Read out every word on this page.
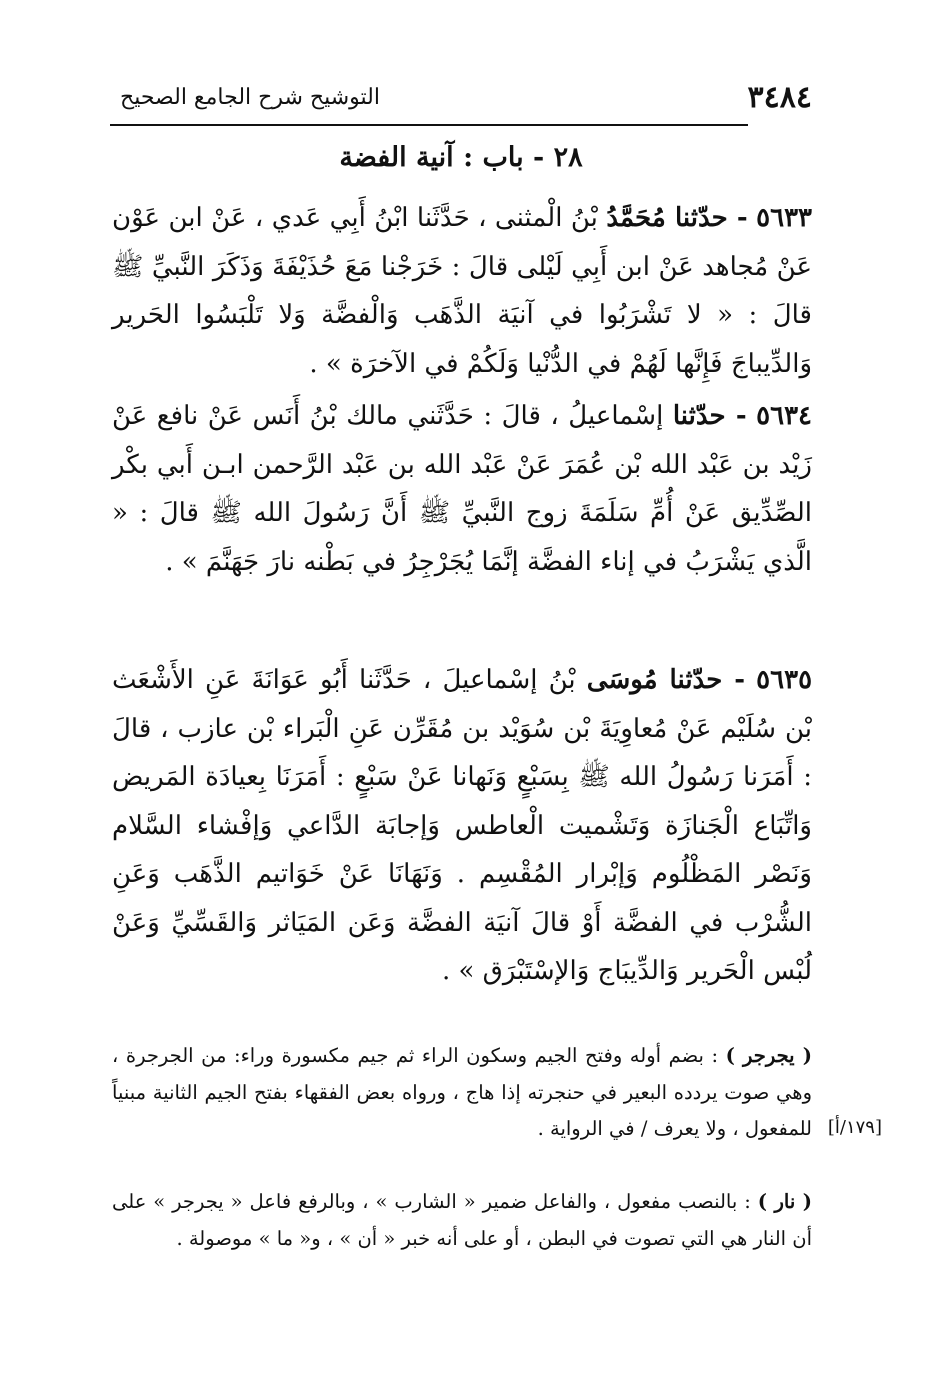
٣٤٨٤
التوشيح شرح الجامع الصحيح
٢٨ - باب : آنية الفضة
٥٦٣٣ - حدّثنا مُحَمَّدُ بْنُ الْمثنى ، حَدَّثَنا ابْنُ أَبِي عَدي ، عَنْ ابن عَوْن عَنْ مُجاهد عَنْ ابن أَبِي لَيْلى قالَ : خَرَجْنا مَعَ حُذَيْفَةَ وَذَكَرَ النَّبيِّ ﷺ قالَ : « لا تَشْرَبُوا في آنيَة الذَّهَب وَالْفضَّة وَلا تَلْبَسُوا الحَرير وَالدِّيباجَ فَإِنَّها لَهُمْ في الدُّنْيا وَلَكُمْ في الآخرَة » .
٥٦٣٤ - حدّثنا إسْماعيلُ ، قالَ : حَدَّثَني مالك بْنُ أَنَس عَنْ نافع عَنْ زَيْد بن عَبْد الله بْن عُمَرَ عَنْ عَبْد الله بن عَبْد الرَّحمن ابـن أَبي بكْر الصِّدِّيق عَنْ أُمِّ سَلَمَةَ زوج النَّبيِّ ﷺ أَنَّ رَسُولَ الله ﷺ قالَ : « الَّذي يَشْرَبُ في إناء الفضَّة إنَّمَا يُجَرْجِرُ في بَطْنه نارَ جَهَنَّمَ » .
٥٦٣٥ - حدّثنا مُوسَى بْنُ إسْماعيلَ ، حَدَّثَنا أَبُو عَوَانَةَ عَنِ الأَشْعَث بْن سُلَيْم عَنْ مُعاوِيَةَ بْن سُوَيْد بن مُقَرِّن عَنِ الْبَراء بْن عازب ، قالَ : أَمَرَنا رَسُولُ الله ﷺ بِسَبْعٍ وَنَهانا عَنْ سَبْعٍ : أَمَرَنَا بِعيادَة المَريض وَاتِّبَاع الْجَنازَة وَتَشْميت الْعاطس وَإجابَة الدَّاعي وَإفْشاء السَّلام وَنَصْر المَظْلُوم وَإبْرار المُقْسِم . وَنَهَانَا عَنْ خَوَاتيم الذَّهَب وَعَنِ الشُّرْب في الفضَّة أَوْ قالَ آنيَة الفضَّة وَعَن المَيَاثر وَالقَسِّيِّ وَعَنْ لُبْس الْحَرير وَالدِّيبَاج وَالإسْتَبْرَق » .
( يجرجر ) : بضم أوله وفتح الجيم وسكون الراء ثم جيم مكسورة وراء: من الجرجرة ، وهي صوت يردده البعير في حنجرته إذا هاج ، ورواه بعض الفقهاء بفتح الجيم الثانية مبنياً للمفعول ، ولا يعرف / في الرواية . [١٧٩/أ]
( نار ) : بالنصب مفعول ، والفاعل ضمير « الشارب » ، وبالرفع فاعل « يجرجر » على أن النار هي التي تصوت في البطن ، أو على أنه خبر « أن » ، و« ما » موصولة .
